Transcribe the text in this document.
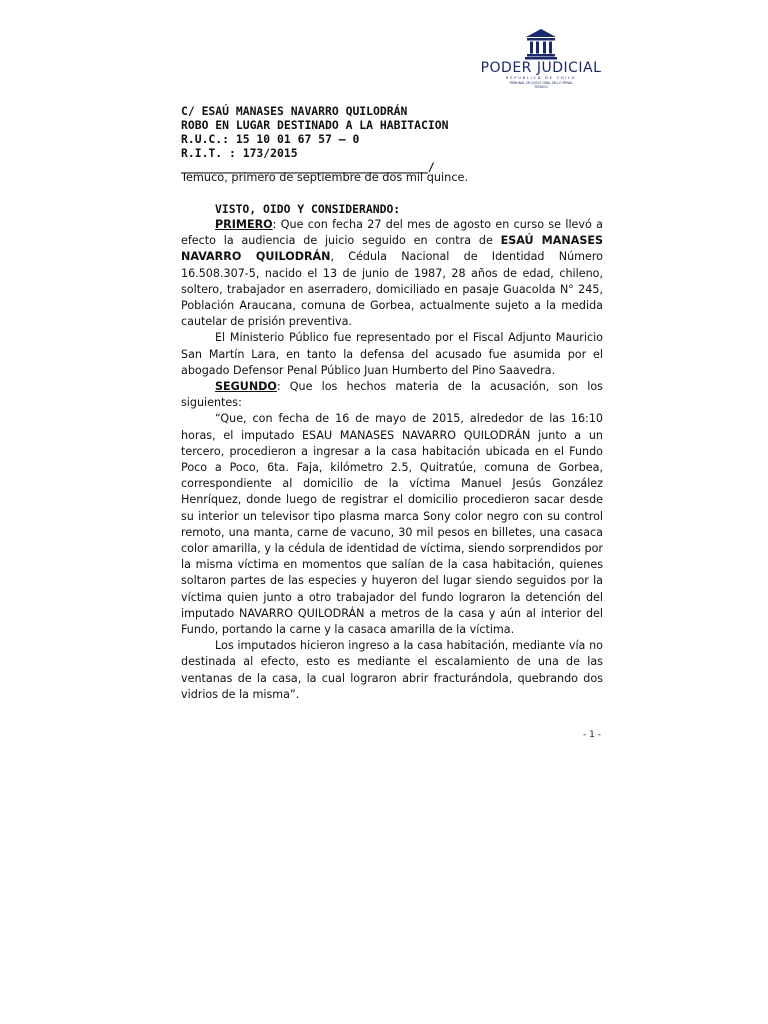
PODER JUDICIAL
REPÚBLICA DE CHILE
TRIBUNAL DE JUICIO ORAL EN LO PENAL
TEMUCO
C/ ESAÚ MANASES NAVARRO QUILODRÁN
ROBO EN LUGAR DESTINADO A LA HABITACION
R.U.C.: 15 10 01 67 57 – 0
R.I.T. : 173/2015
____________________________________/
Temuco, primero de septiembre de dos mil quince.
VISTO, OIDO Y CONSIDERANDO:

PRIMERO: Que con fecha 27 del mes de agosto en curso se llevó a efecto la audiencia de juicio seguido en contra de ESAÚ MANASES NAVARRO QUILODRÁN, Cédula Nacional de Identidad Número 16.508.307-5, nacido el 13 de junio de 1987, 28 años de edad, chileno, soltero, trabajador en aserradero, domiciliado en pasaje Guacolda N° 245, Población Araucana, comuna de Gorbea, actualmente sujeto a la medida cautelar de prisión preventiva.

El Ministerio Público fue representado por el Fiscal Adjunto Mauricio San Martín Lara, en tanto la defensa del acusado fue asumida por el abogado Defensor Penal Público Juan Humberto del Pino Saavedra.

SEGUNDO: Que los hechos materia de la acusación, son los siguientes:

“Que, con fecha de 16 de mayo de 2015, alrededor de las 16:10 horas, el imputado ESAU MANASES NAVARRO QUILODRÁN junto a un tercero, procedieron a ingresar a la casa habitación ubicada en el Fundo Poco a Poco, 6ta. Faja, kilómetro 2.5, Quitratúe, comuna de Gorbea, correspondiente al domicilio de la víctima Manuel Jesús González Henríquez, donde luego de registrar el domicilio procedieron sacar desde su interior un televisor tipo plasma marca Sony color negro con su control remoto, una manta, carne de vacuno, 30 mil pesos en billetes, una casaca color amarilla, y la cédula de identidad de víctima, siendo sorprendidos por la misma víctima en momentos que salían de la casa habitación, quienes soltaron partes de las especies y huyeron del lugar siendo seguidos por la víctima quien junto a otro trabajador del fundo lograron la detención del imputado NAVARRO QUILODRÁN a metros de la casa y aún al interior del Fundo, portando la carne y la casaca amarilla de la víctima.

Los imputados hicieron ingreso a la casa habitación, mediante vía no destinada al efecto, esto es mediante el escalamiento de una de las ventanas de la casa, la cual lograron abrir fracturándola, quebrando dos vidrios de la misma”.

- 1 -
